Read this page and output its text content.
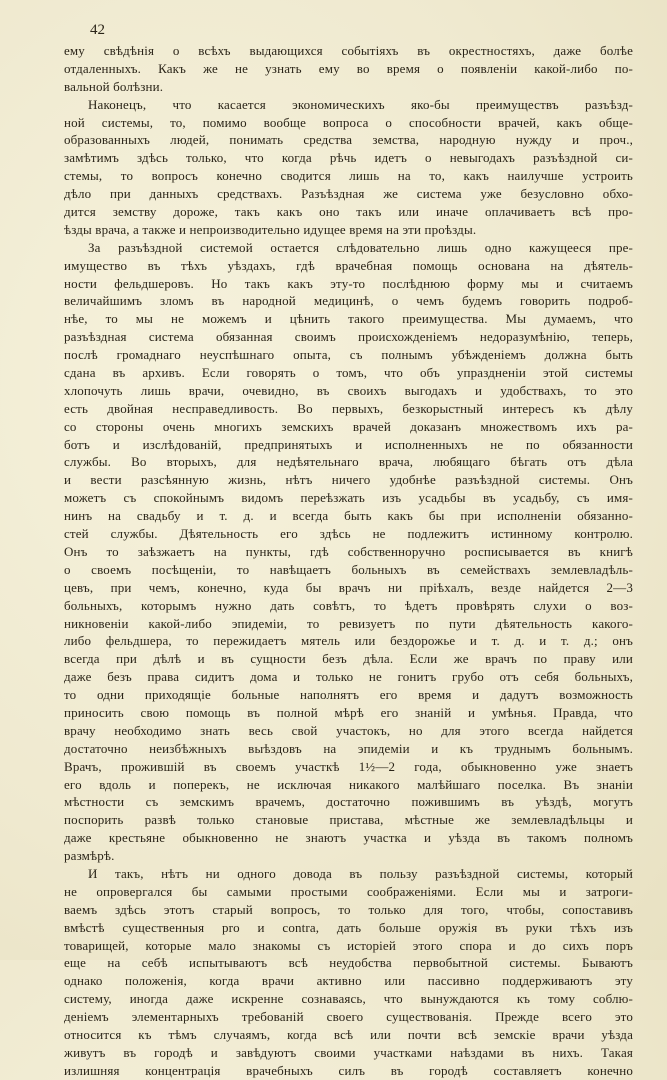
42
ему свѣдѣнія о всѣхъ выдающихся событіяхъ въ окрестностяхъ, даже болѣе
отдаленныхъ. Какъ же не узнать ему во время о появленіи какой-либо по-
вальной болѣзни.
Наконецъ, что касается экономическихъ яко-бы преимуществъ разъѣзд-
ной системы, то, помимо вообще вопроса о способности врачей, какъ обще-
образованныхъ людей, понимать средства земства, народную нужду и проч.,
замѣтимъ здѣсь только, что когда рѣчь идетъ о невыгодахъ разъѣздной си-
стемы, то вопросъ конечно сводится лишь на то, какъ наилучше устроить
дѣло при данныхъ средствахъ. Разъѣздная же система уже безусловно обхо-
дится земству дороже, такъ какъ оно такъ или иначе оплачиваетъ всѣ про-
ѣзды врача, а также и непроизводительно идущее время на эти проѣзды.
За разъѣздной системой остается слѣдовательно лишь одно кажущееся пре-
имущество въ тѣхъ уѣздахъ, гдѣ врачебная помощь основана на дѣятель-
ности фельдшеровъ. Но такъ какъ эту-то послѣднюю форму мы и считаемъ
величайшимъ зломъ въ народной медицинѣ, о чемъ будемъ говорить подроб-
нѣе, то мы не можемъ и цѣнить такого преимущества. Мы думаемъ, что
разъѣздная система обязанная своимъ происхожденіемъ недоразумѣнію, теперь,
послѣ громаднаго неуспѣшнаго опыта, съ полнымъ убѣжденіемъ должна быть
сдана въ архивъ. Если говорять о томъ, что объ упраздненіи этой системы
хлопочуть лишь врачи, очевидно, въ своихъ выгодахъ и удобствахъ, то это
есть двойная несправедливость. Во первыхъ, безкорыстный интересъ къ дѣлу
со стороны очень многихъ земскихъ врачей доказанъ множествомъ ихъ ра-
ботъ и изслѣдованій, предпринятыхъ и исполненныхъ не по обязанности
службы. Во вторыхъ, для недѣятельнаго врача, любящаго бѣгать отъ дѣла
и вести разсѣянную жизнь, нѣтъ ничего удобнѣе разъѣздной системы. Онъ
можетъ съ спокойнымъ видомъ переѣзжать изъ усадьбы въ усадьбу, съ имя-
нинъ на свадьбу и т. д. и всегда быть какъ бы при исполненіи обязанно-
стей службы. Дѣятельность его здѣсь не подлежитъ истинному контролю.
Онъ то заѣзжаетъ на пункты, гдѣ собственноручно росписывается въ книгѣ
о своемъ посѣщеніи, то навѣщаетъ больныхъ въ семействахъ землевладѣль-
цевъ, при чемъ, конечно, куда бы врачъ ни пріѣхалъ, везде найдется 2—3
больныхъ, которымъ нужно дать совѣтъ, то ѣдетъ провѣрять слухи о воз-
никновеніи какой-либо эпидеміи, то ревизуетъ по пути дѣятельность какого-
либо фельдшера, то пережидаетъ мятель или бездорожье и т. д. и т. д.; онъ
всегда при дѣлѣ и въ сущности безъ дѣла. Если же врачъ по праву или
даже безъ права сидитъ дома и только не гонитъ грубо отъ себя больныхъ,
то одни приходящіе больные наполнятъ его время и дадутъ возможность
приносить свою помощь въ полной мѣрѣ его знаній и умѣнья. Правда, что
врачу необходимо знать весь свой участокъ, но для этого всегда найдется
достаточно неизбѣжныхъ выѣздовъ на эпидеміи и къ труднымъ больнымъ.
Врачъ, проживш‌ій въ своемъ участкѣ 1½—2 года, обыкновенно уже знаетъ
его вдоль и поперекъ, не исключая никакого малѣйшаго поселка. Въ знаніи
мѣстности съ земскимъ врачемъ, достаточно пожившимъ въ уѣздѣ, могутъ
поспорить развѣ только становые пристава, мѣстные же землевладѣльцы и
даже крестьяне обыкновенно не знаютъ участка и уѣзда въ такомъ полномъ
размѣрѣ.
И такъ, нѣтъ ни одного довода въ пользу разъѣздной системы, который
не опровергался бы самыми простыми соображеніями. Если мы и затроги-
ваемъ здѣсь этотъ старый вопросъ, то только для того, чтобы, сопоставивъ
вмѣстѣ существенныя pro и contra, дать больше оружія въ руки тѣхъ изъ
товарищей, которые мало знакомы съ исторіей этого спора и до сихъ поръ
еще на себѣ испытываютъ всѣ неудобства первобытной системы. Бываютъ
однако положенія, когда врачи активно или пассивно поддерживаютъ эту
систему, иногда даже искренне сознаваясь, что вынуждаются къ тому соблю-
деніемъ элементарныхъ требованій своего существованія. Прежде всего это
относится къ тѣмъ случаямъ, когда всѣ или почти всѣ земскіе врачи уѣзда
живутъ въ городѣ и завѣдуютъ своими участками наѣздами въ нихъ. Такая
излишняя концентрація врачебныхъ силъ въ городѣ составляетъ конечно
